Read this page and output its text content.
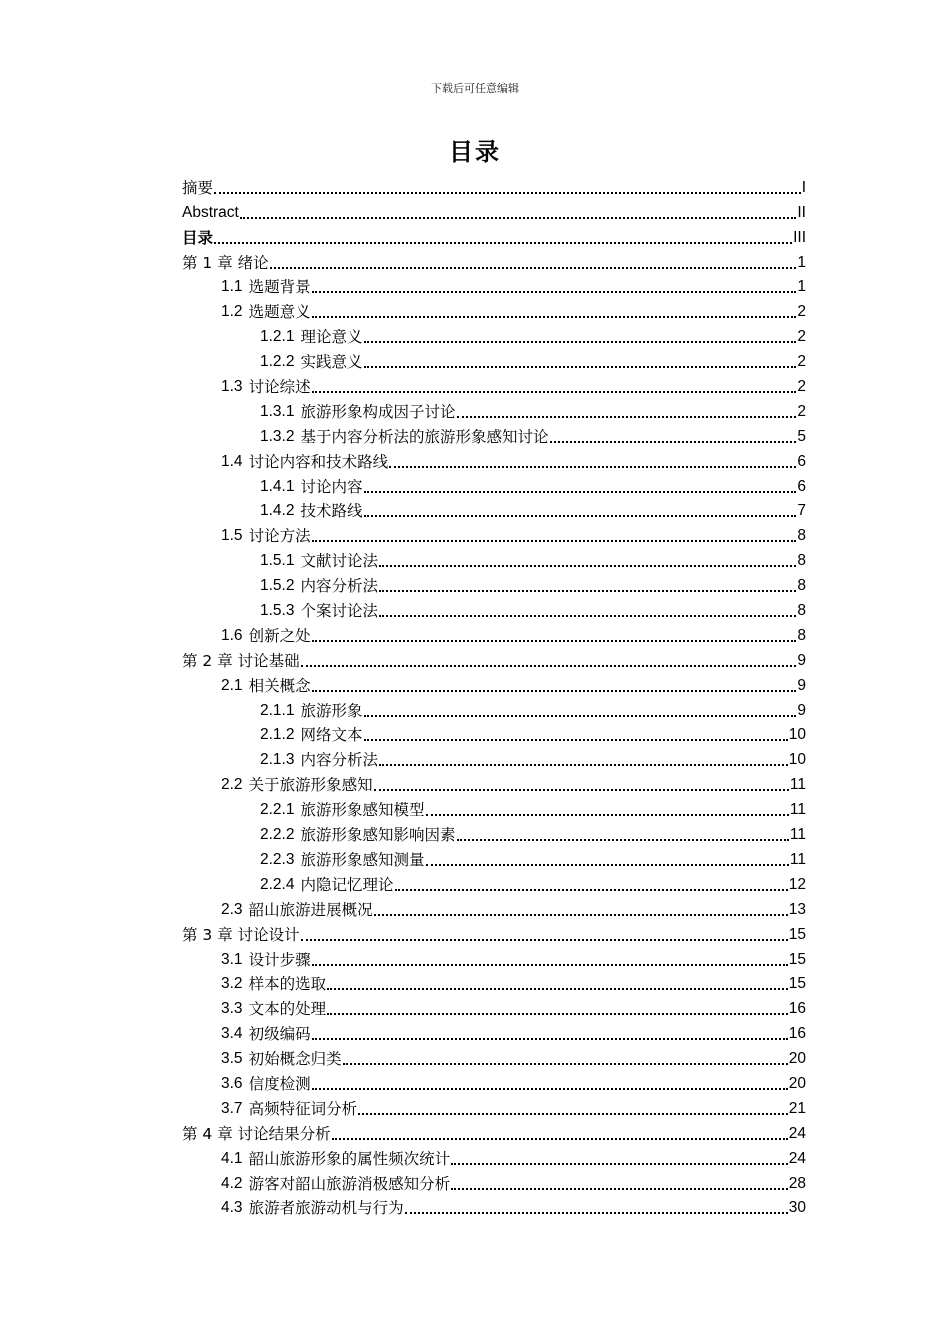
下载后可任意编辑
目录
摘要	I
Abstract	II
目录	III
第 1 章 绪论	1
1.1 选题背景	1
1.2 选题意义	2
1.2.1 理论意义	2
1.2.2 实践意义	2
1.3 讨论综述	2
1.3.1 旅游形象构成因子讨论	2
1.3.2 基于内容分析法的旅游形象感知讨论	5
1.4 讨论内容和技术路线	6
1.4.1 讨论内容	6
1.4.2 技术路线	7
1.5 讨论方法	8
1.5.1 文献讨论法	8
1.5.2 内容分析法	8
1.5.3 个案讨论法	8
1.6 创新之处	8
第 2 章 讨论基础	9
2.1 相关概念	9
2.1.1 旅游形象	9
2.1.2 网络文本	10
2.1.3 内容分析法	10
2.2 关于旅游形象感知	11
2.2.1 旅游形象感知模型	11
2.2.2 旅游形象感知影响因素	11
2.2.3 旅游形象感知测量	11
2.2.4 内隐记忆理论	12
2.3 韶山旅游进展概况	13
第 3 章 讨论设计	15
3.1 设计步骤	15
3.2 样本的选取	15
3.3 文本的处理	16
3.4 初级编码	16
3.5 初始概念归类	20
3.6 信度检测	20
3.7 高频特征词分析	21
第 4 章 讨论结果分析	24
4.1 韶山旅游形象的属性频次统计	24
4.2 游客对韶山旅游消极感知分析	28
4.3 旅游者旅游动机与行为	30
